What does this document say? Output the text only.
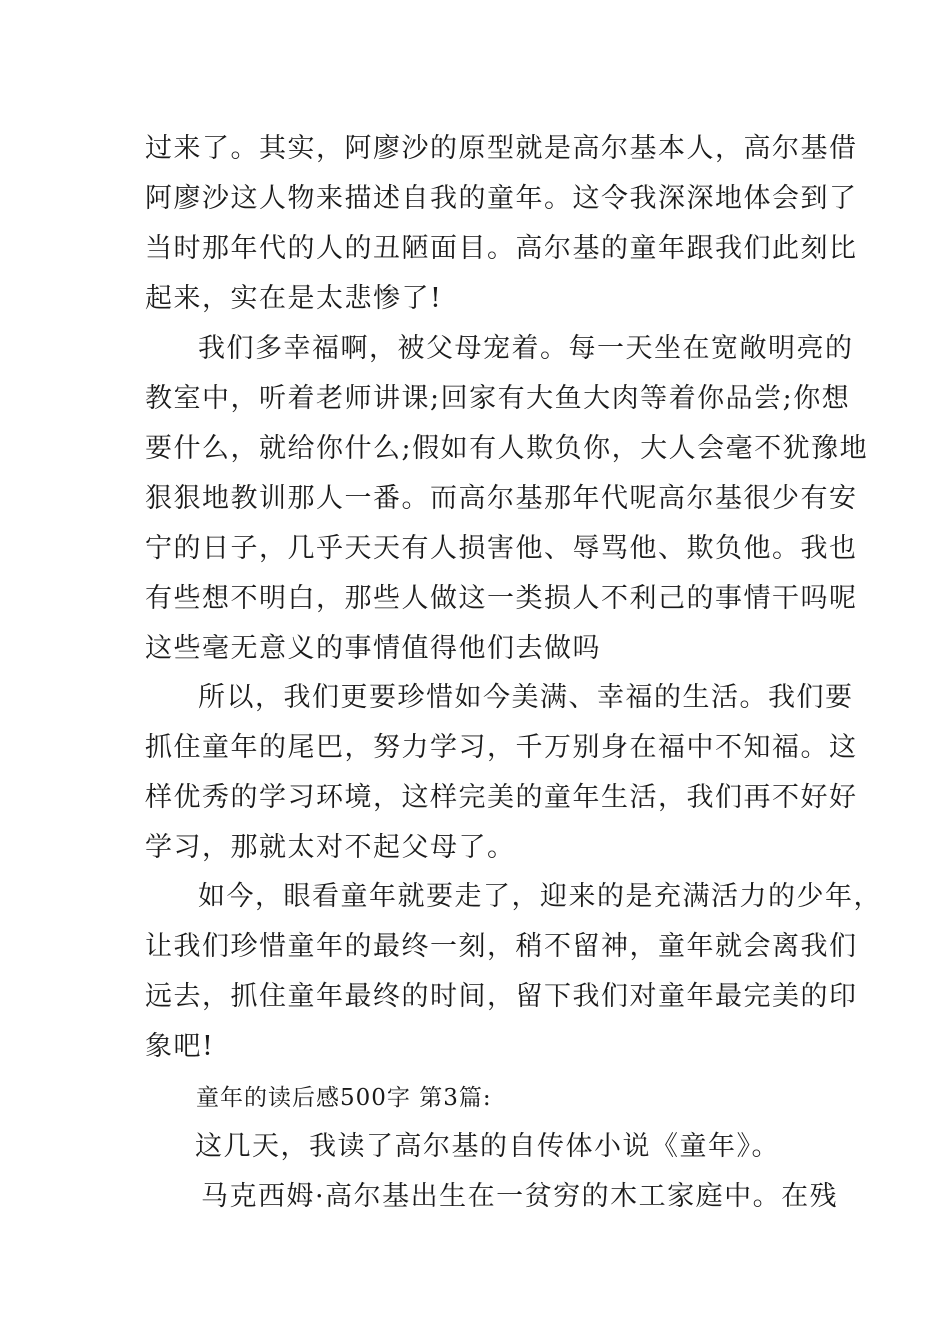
过来了。其实，阿廖沙的原型就是高尔基本人，高尔基借
阿廖沙这人物来描述自我的童年。这令我深深地体会到了
当时那年代的人的丑陋面目。高尔基的童年跟我们此刻比
起来，实在是太悲惨了!
我们多幸福啊，被父母宠着。每一天坐在宽敞明亮的
教室中，听着老师讲课;回家有大鱼大肉等着你品尝;你想
要什么，就给你什么;假如有人欺负你，大人会毫不犹豫地
狠狠地教训那人一番。而高尔基那年代呢高尔基很少有安
宁的日子，几乎天天有人损害他、辱骂他、欺负他。我也
有些想不明白，那些人做这一类损人不利己的事情干吗呢
这些毫无意义的事情值得他们去做吗
所以，我们更要珍惜如今美满、幸福的生活。我们要
抓住童年的尾巴，努力学习，千万别身在福中不知福。这
样优秀的学习环境，这样完美的童年生活，我们再不好好
学习，那就太对不起父母了。
如今，眼看童年就要走了，迎来的是充满活力的少年，
让我们珍惜童年的最终一刻，稍不留神，童年就会离我们
远去，抓住童年最终的时间，留下我们对童年最完美的印
象吧!
童年的读后感500字 第3篇:
这几天，我读了高尔基的自传体小说《童年》。
马克西姆·高尔基出生在一贫穷的木工家庭中。在残
